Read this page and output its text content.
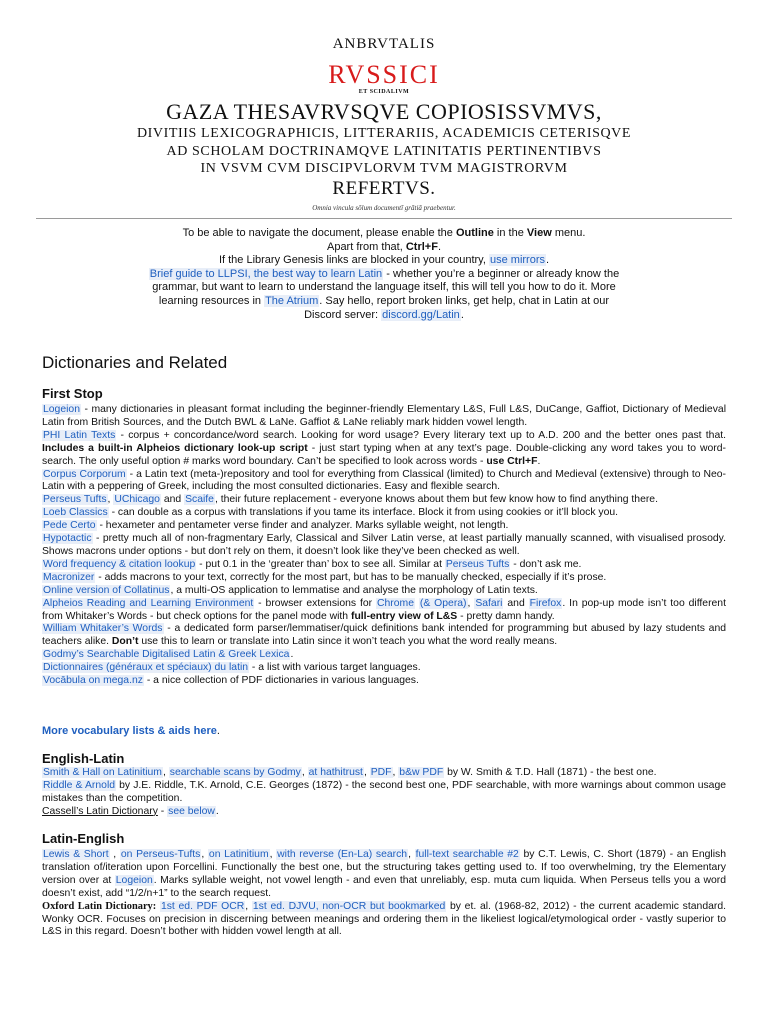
ANBRVTALIS
RVSSICI
ET SCIDALIVM
GAZA THESAVRVSQVE COPIOSISSVMVS,
DIVITIIS LEXICOGRAPHICIS, LITTERARIIS, ACADEMICIS CETERISQVE
AD SCHOLAM DOCTRINAMQVE LATINITATIS PERTINENTIBVS
IN VSVM CVM DISCIPVLORVM TVM MAGISTRORVM
REFERTVS.
Omnia vincula sōlum documentī grātiā praebentur.

To be able to navigate the document, please enable the Outline in the View menu.

Apart from that, Ctrl+F.

If the Library Genesis links are blocked in your country, use mirrors.

Brief guide to LLPSI, the best way to learn Latin - whether you’re a beginner or already know the

grammar, but want to learn to understand the language itself, this will tell you how to do it. More

learning resources in The Atrium. Say hello, report broken links, get help, chat in Latin at our

Discord server: discord.gg/Latin.

Dictionaries and Related
First Stop

Logeion - many dictionaries in pleasant format including the beginner-friendly Elementary L&S, Full L&S, DuCange, Gaffiot, Dictionary of Medieval Latin from British Sources, and the Dutch BWL & LaNe. Gaffiot & LaNe reliably mark hidden vowel length.

PHI Latin Texts - corpus + concordance/word search. Looking for word usage? Every literary text up to A.D. 200 and the better ones past that. Includes a built-in Alpheios dictionary look-up script - just start typing when at any text’s page. Double-clicking any word takes you to word-search. The only useful option # marks word boundary. Can’t be specified to look across words - use Ctrl+F.

Corpus Corporum - a Latin text (meta-)repository and tool for everything from Classical (limited) to Church and Medieval (extensive) through to Neo-Latin with a peppering of Greek, including the most consulted dictionaries. Easy and flexible search.

Perseus Tufts, UChicago and Scaife, their future replacement - everyone knows about them but few know how to find anything there.

Loeb Classics - can double as a corpus with translations if you tame its interface. Block it from using cookies or it’ll block you.

Pede Certo - hexameter and pentameter verse finder and analyzer. Marks syllable weight, not length.

Hypotactic - pretty much all of non-fragmentary Early, Classical and Silver Latin verse, at least partially manually scanned, with visualised prosody. Shows macrons under options - but don’t rely on them, it doesn’t look like they’ve been checked as well.

Word frequency & citation lookup - put 0.1 in the ‘greater than’ box to see all. Similar at Perseus Tufts - don’t ask me.

Macronizer - adds macrons to your text, correctly for the most part, but has to be manually checked, especially if it’s prose.

Online version of Collatinus, a multi-OS application to lemmatise and analyse the morphology of Latin texts.

Alpheios Reading and Learning Environment - browser extensions for Chrome (& Opera), Safari and Firefox. In pop-up mode isn’t too different from Whitaker’s Words - but check options for the panel mode with full-entry view of L&S - pretty damn handy.

William Whitaker’s Words - a dedicated form parser/lemmatiser/quick definitions bank intended for programming but abused by lazy students and teachers alike. Don’t use this to learn or translate into Latin since it won’t teach you what the word really means.

Godmy’s Searchable Digitalised Latin & Greek Lexica.

Dictionnaires (généraux et spéciaux) du latin - a list with various target languages.

Vocābula on mega.nz - a nice collection of PDF dictionaries in various languages.

More vocabulary lists & aids here.
English-Latin

Smith & Hall on Latinitium, searchable scans by Godmy, at hathitrust, PDF, b&w PDF by W. Smith & T.D. Hall (1871) - the best one.

Riddle & Arnold by J.E. Riddle, T.K. Arnold, C.E. Georges (1872) - the second best one, PDF searchable, with more warnings about common usage mistakes than the competition.

Cassell’s Latin Dictionary - see below.

Latin-English

Lewis & Short , on Perseus-Tufts, on Latinitium, with reverse (En-La) search, full-text searchable #2 by C.T. Lewis, C. Short (1879) - an English translation of/iteration upon Forcellini. Functionally the best one, but the structuring takes getting used to. If too overwhelming, try the Elementary version over at Logeion. Marks syllable weight, not vowel length - and even that unreliably, esp. muta cum liquida. When Perseus tells you a word doesn’t exist, add “1/2/n+1” to the search request.

Oxford Latin Dictionary: 1st ed. PDF OCR, 1st ed. DJVU, non-OCR but bookmarked by et. al. (1968-82, 2012) - the current academic standard. Wonky OCR. Focuses on precision in discerning between meanings and ordering them in the likeliest logical/etymological order - vastly superior to L&S in this regard. Doesn’t bother with hidden vowel length at all.
